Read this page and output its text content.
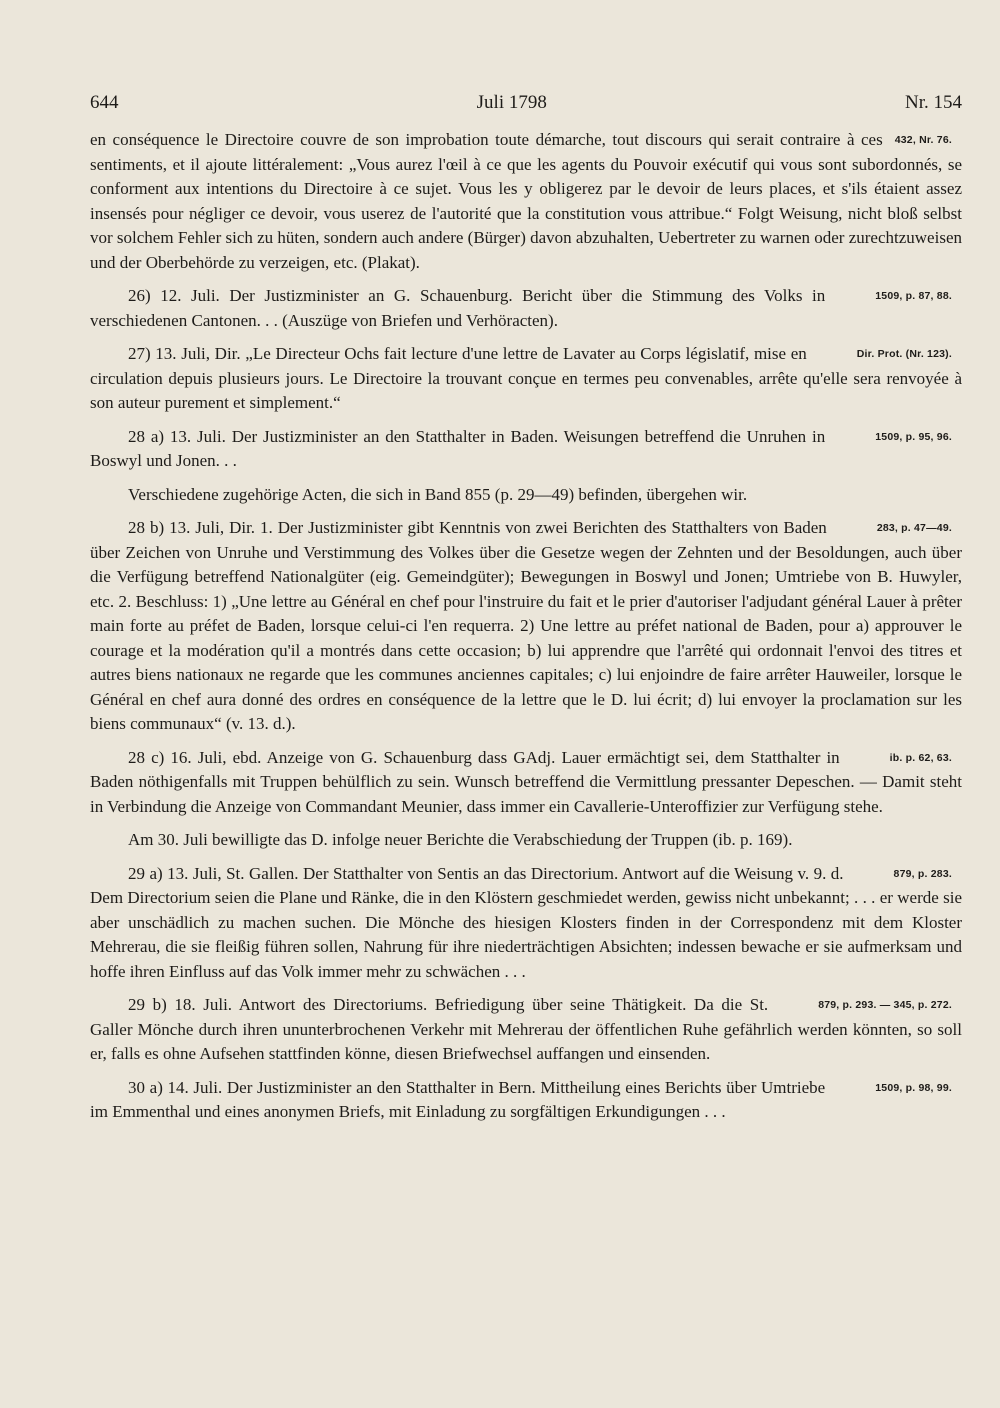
644	Juli 1798	Nr. 154

432, Nr. 76.
en conséquence le Directoire couvre de son improbation toute démarche, tout discours qui serait contraire à ces sentiments, et il ajoute littéralement: „Vous aurez l'œil à ce que les agents du Pouvoir exécutif qui vous sont subordonnés, se conforment aux intentions du Directoire à ce sujet. Vous les y obligerez par le devoir de leurs places, et s'ils étaient assez insensés pour négliger ce devoir, vous userez de l'autorité que la constitution vous attribue.“ Folgt Weisung, nicht bloß selbst vor solchem Fehler sich zu hüten, sondern auch andere (Bürger) davon abzuhalten, Uebertreter zu warnen oder zurechtzuweisen und der Oberbehörde zu verzeigen, etc. (Plakat).

1509, p. 87, 88.
26) 12. Juli. Der Justizminister an G. Schauenburg. Bericht über die Stimmung des Volks in verschiedenen Cantonen. . . (Auszüge von Briefen und Verhöracten).

Dir. Prot. (Nr. 123).
27) 13. Juli, Dir. „Le Directeur Ochs fait lecture d'une lettre de Lavater au Corps législatif, mise en circulation depuis plusieurs jours. Le Directoire la trouvant conçue en termes peu convenables, arrête qu'elle sera renvoyée à son auteur purement et simplement.“

1509, p. 95, 96.
28 a) 13. Juli. Der Justizminister an den Statthalter in Baden. Weisungen betreffend die Unruhen in Boswyl und Jonen. . .

Verschiedene zugehörige Acten, die sich in Band 855 (p. 29—49) befinden, übergehen wir.

283, p. 47—49.
28 b) 13. Juli, Dir. 1. Der Justizminister gibt Kenntnis von zwei Berichten des Statthalters von Baden über Zeichen von Unruhe und Verstimmung des Volkes über die Gesetze wegen der Zehnten und der Besoldungen, auch über die Verfügung betreffend Nationalgüter (eig. Gemeindgüter); Bewegungen in Boswyl und Jonen; Umtriebe von B. Huwyler, etc. 2. Beschluss: 1) „Une lettre au Général en chef pour l'instruire du fait et le prier d'autoriser l'adjudant général Lauer à prêter main forte au préfet de Baden, lorsque celui-ci l'en requerra. 2) Une lettre au préfet national de Baden, pour a) approuver le courage et la modération qu'il a montrés dans cette occasion; b) lui apprendre que l'arrêté qui ordonnait l'envoi des titres et autres biens nationaux ne regarde que les communes anciennes capitales; c) lui enjoindre de faire arrêter Hauweiler, lorsque le Général en chef aura donné des ordres en conséquence de la lettre que le D. lui écrit; d) lui envoyer la proclamation sur les biens communaux“ (v. 13. d.).

ib. p. 62, 63.
28 c) 16. Juli, ebd. Anzeige von G. Schauenburg dass GAdj. Lauer ermächtigt sei, dem Statthalter in Baden nöthigenfalls mit Truppen behülflich zu sein. Wunsch betreffend die Vermittlung pressanter Depeschen. — Damit steht in Verbindung die Anzeige von Commandant Meunier, dass immer ein Cavallerie-Unteroffizier zur Verfügung stehe.

Am 30. Juli bewilligte das D. infolge neuer Berichte die Verabschiedung der Truppen (ib. p. 169).

879, p. 283.
29 a) 13. Juli, St. Gallen. Der Statthalter von Sentis an das Directorium. Antwort auf die Weisung v. 9. d. Dem Directorium seien die Plane und Ränke, die in den Klöstern geschmiedet werden, gewiss nicht unbekannt; . . . er werde sie aber unschädlich zu machen suchen. Die Mönche des hiesigen Klosters finden in der Correspondenz mit dem Kloster Mehrerau, die sie fleißig führen sollen, Nahrung für ihre niederträchtigen Absichten; indessen bewache er sie aufmerksam und hoffe ihren Einfluss auf das Volk immer mehr zu schwächen . . .

879, p. 293. — 345, p. 272.
29 b) 18. Juli. Antwort des Directoriums. Befriedigung über seine Thätigkeit. Da die St. Galler Mönche durch ihren ununterbrochenen Verkehr mit Mehrerau der öffentlichen Ruhe gefährlich werden könnten, so soll er, falls es ohne Aufsehen stattfinden könne, diesen Briefwechsel auffangen und einsenden.

1509, p. 98, 99.
30 a) 14. Juli. Der Justizminister an den Statthalter in Bern. Mittheilung eines Berichts über Umtriebe im Emmenthal und eines anonymen Briefs, mit Einladung zu sorgfältigen Erkundigungen . . .
